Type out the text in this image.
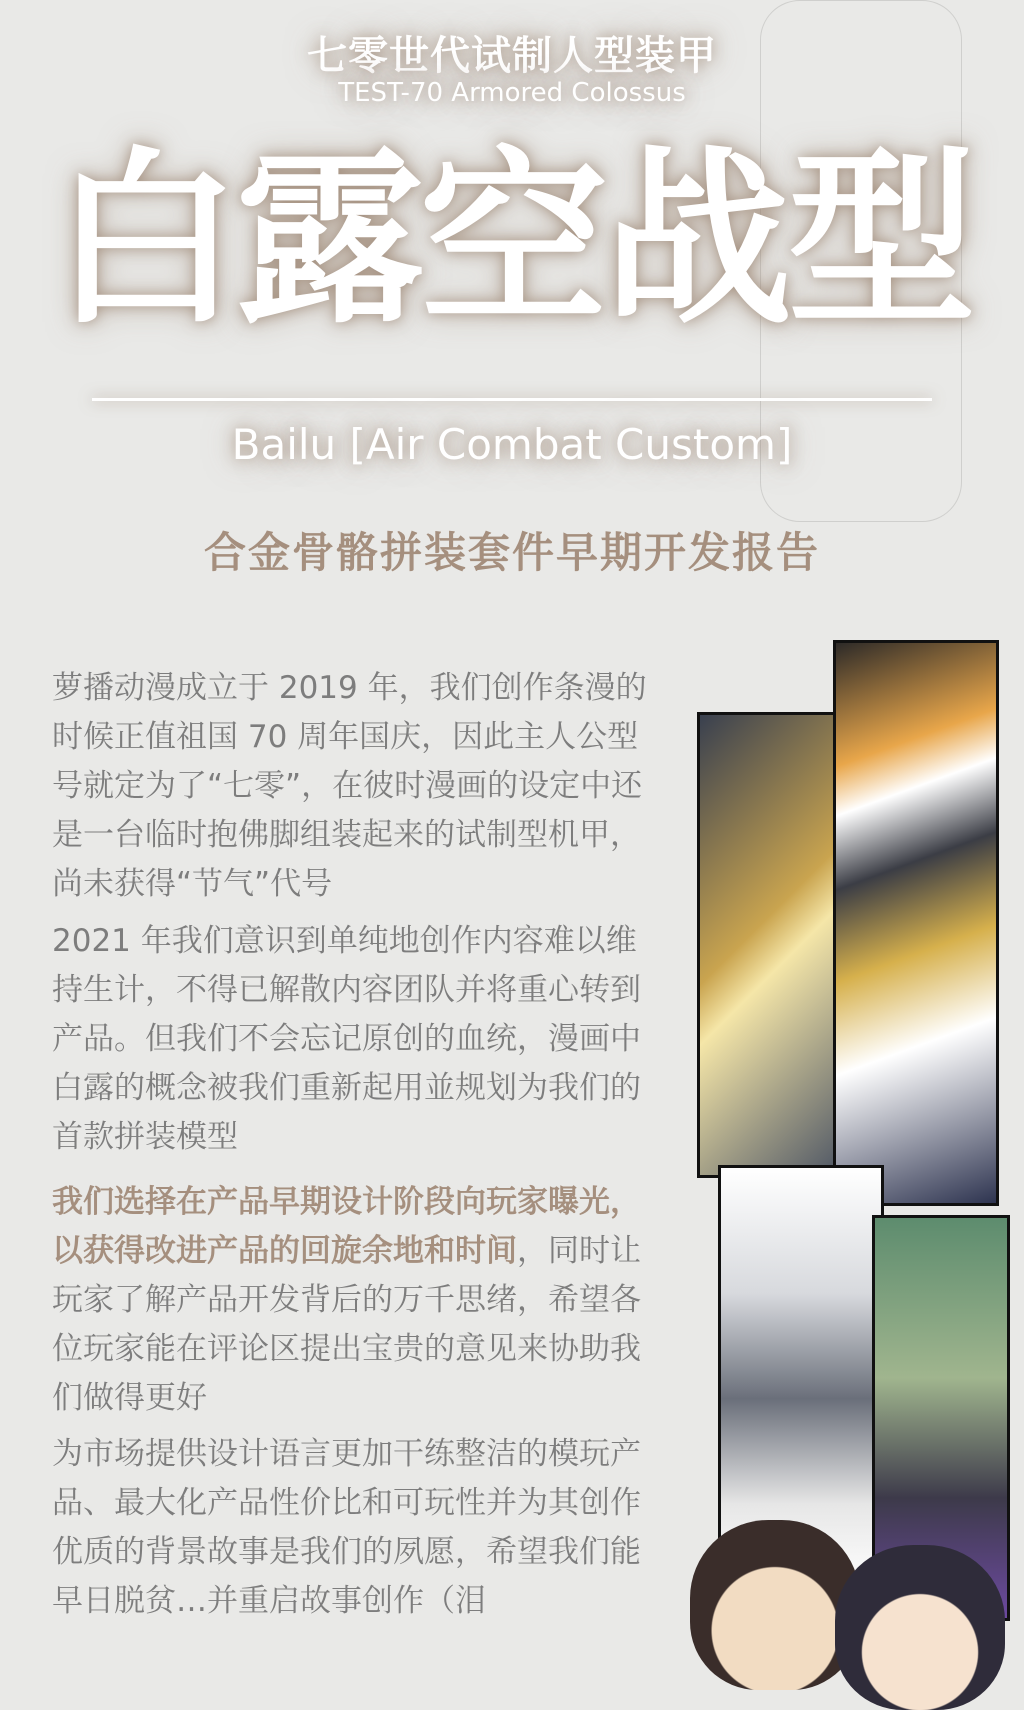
七零世代试制人型装甲
TEST-70 Armored Colossus
白露空战型
Bailu [Air Combat Custom]
合金骨骼拼装套件早期开发报告

萝播动漫成立于 2019 年，我们创作条漫的时候正值祖国 70 周年国庆，因此主人公型号就定为了“七零”，在彼时漫画的设定中还是一台临时抱佛脚组装起来的试制型机甲，尚未获得“节气”代号

2021 年我们意识到单纯地创作内容难以维持生计，不得已解散内容团队并将重心转到产品。但我们不会忘记原创的血统，漫画中白露的概念被我们重新起用並规划为我们的首款拼装模型

我们选择在产品早期设计阶段向玩家曝光，以获得改进产品的回旋余地和时间，同时让玩家了解产品开发背后的万千思绪，希望各位玩家能在评论区提出宝贵的意见来协助我们做得更好

为市场提供设计语言更加干练整洁的模玩产品、最大化产品性价比和可玩性并为其创作优质的背景故事是我们的夙愿，希望我们能早日脱贫…并重启故事创作（泪
